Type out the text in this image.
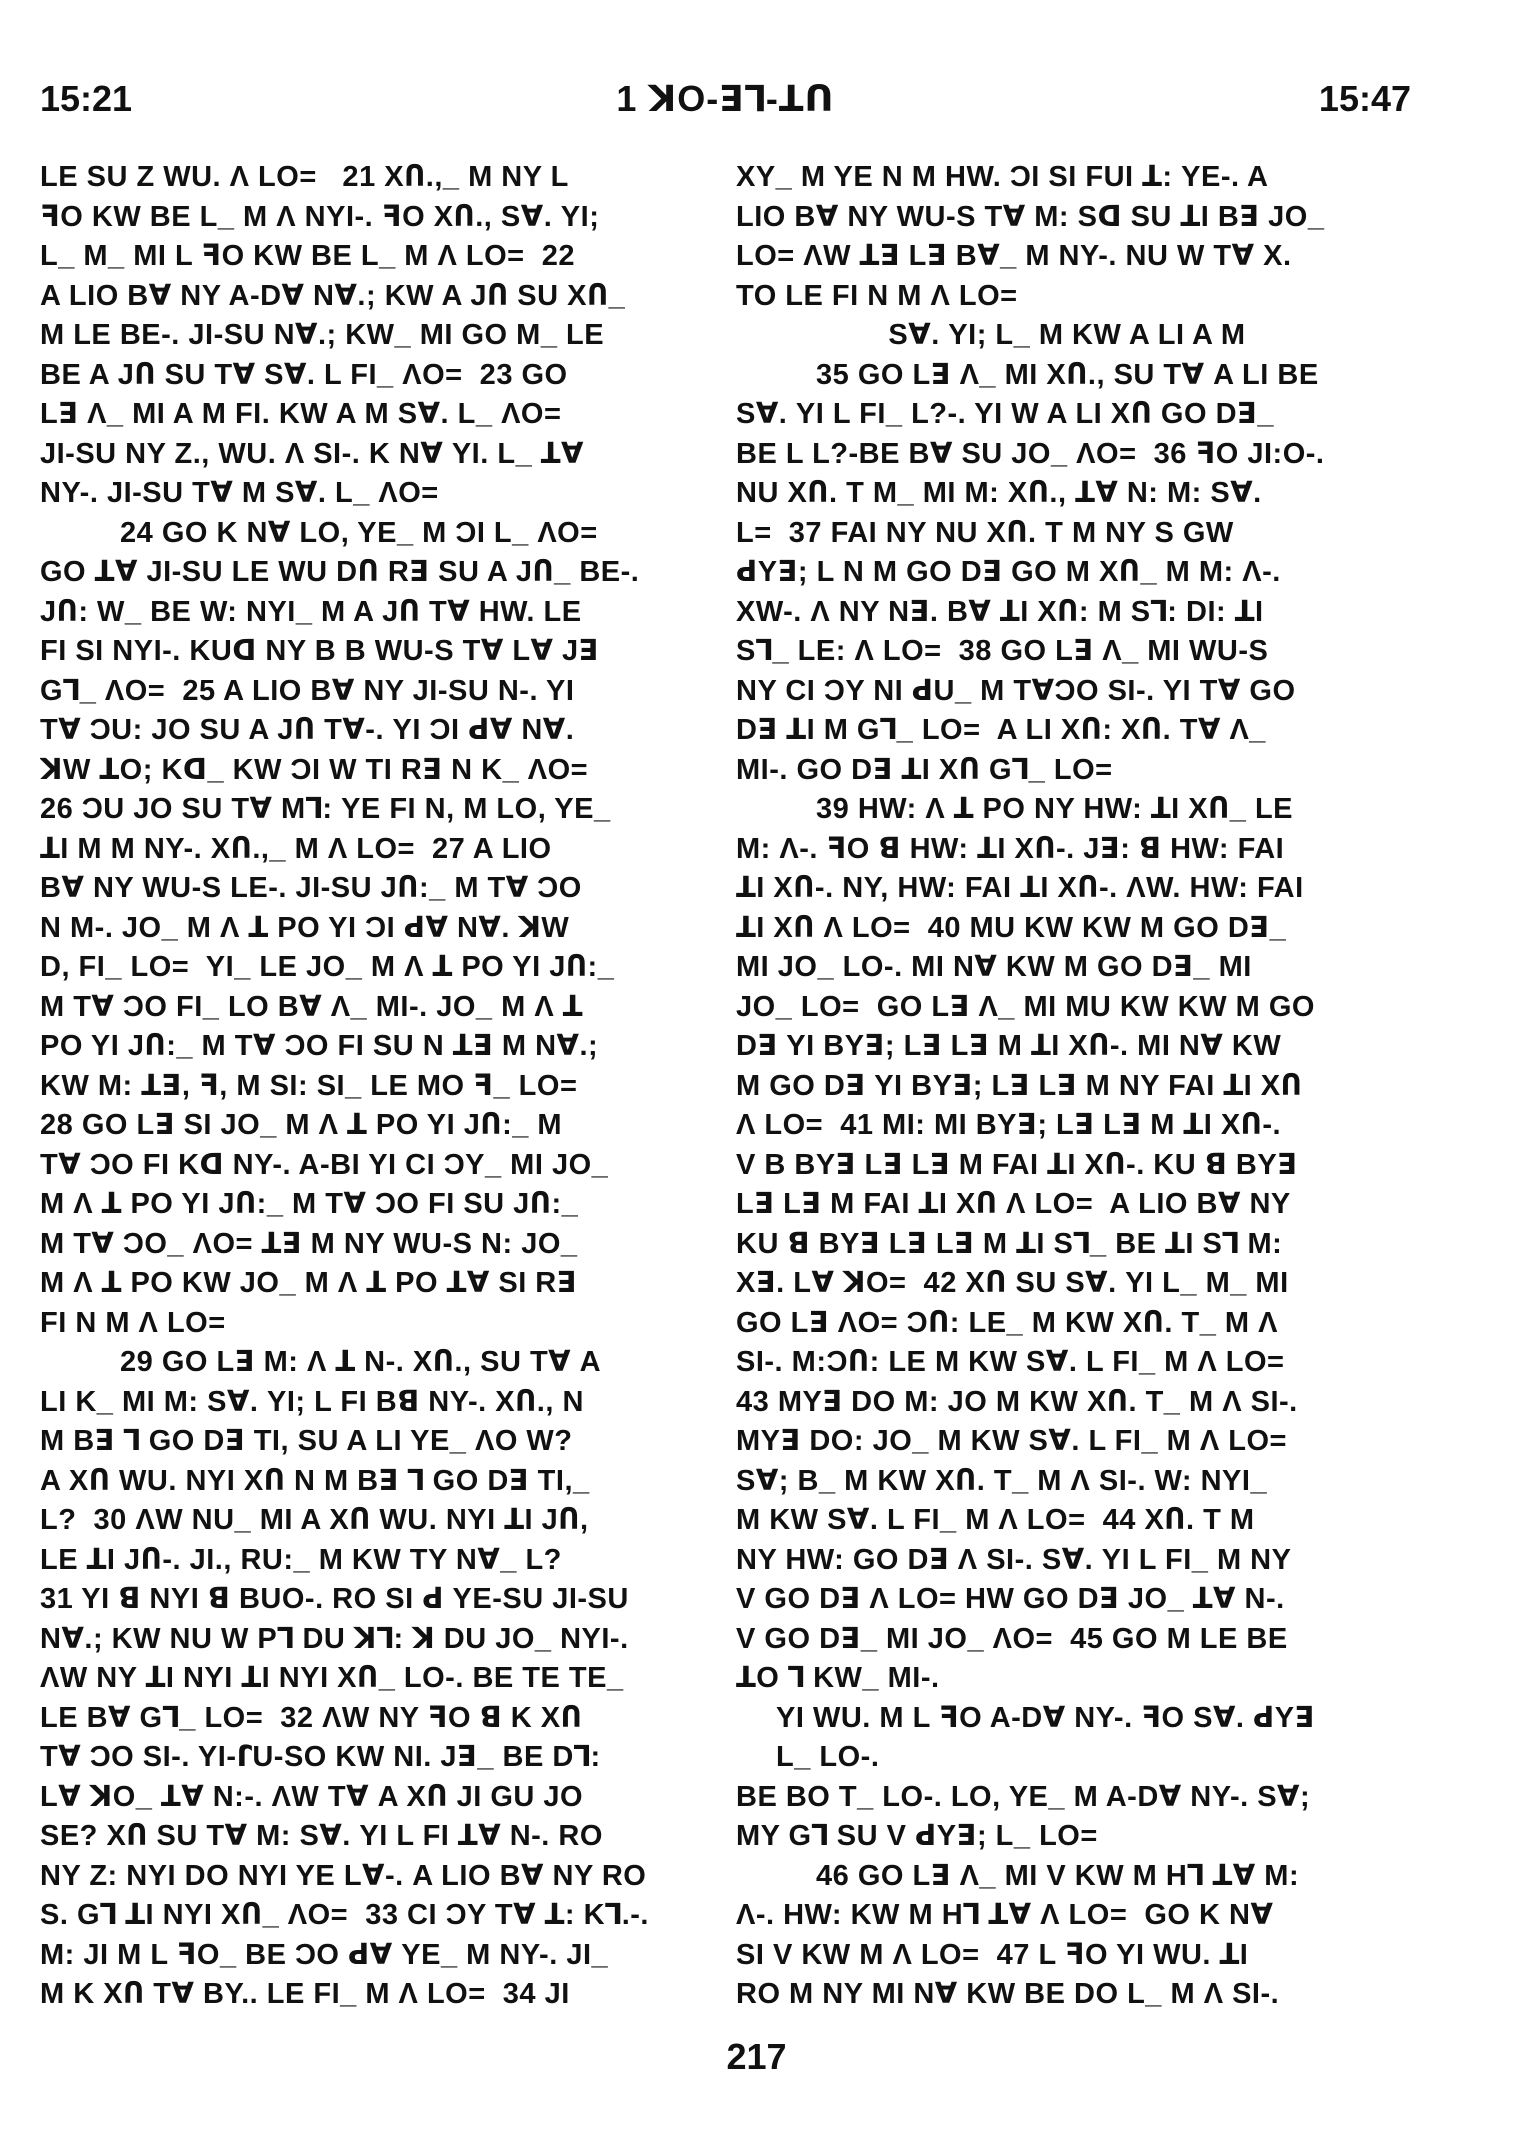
15:21	1 ꓘO-ꓱꓶ-ꓕꓵ	15:47
LE SU Z WU. Λ LO=   21 XՈ.,_ M NY L
ꟻO KW BE L_ M Λ NYI-. ꟻO XՈ., Sꓯ. YI;
L_ M_ MI L ꟻO KW BE L_ M Λ LO=  22
A LIO Bꓯ NY A-Dꓯ Nꓯ.; KW A JՈ SU XՈ_
M LE BE-. JI-SU Nꓯ.; KW_ MI GO M_ LE
BE A JՈ SU Tꓯ Sꓯ. L FI_ ΛO=  23 GO
Lꓱ Λ_ MI A M FI. KW A M Sꓯ. L_ ΛO=
JI-SU NY Z., WU. Λ SI-. K Nꓯ YI. L_ ꓕꓯ
NY-. JI-SU Tꓯ M Sꓯ. L_ ΛO=
24 GO K Nꓯ LO, YE_ M ƆI L_ ΛO=
GO ꓕꓯ JI-SU LE WU DՈ Rꓱ SU A JՈ_ BE-.
JՈ: W_ BE W: NYI_ M A JՈ Tꓯ HW. LE
FI SI NYI-. KUꓷ NY B B WU-S Tꓯ Lꓯ Jꓱ
Gꓶ_ ΛO=  25 A LIO Bꓯ NY JI-SU N-. YI
Tꓯ ƆU: JO SU A JՈ Tꓯ-. YI ƆI ꓒꓯ Nꓯ.
ꓘW ꓕO; Kꓷ_ KW ƆI W TI Rꓱ N K_ ΛO=
26 ƆU JO SU Tꓯ Mꓶ: YE FI N, M LO, YE_
ꓕI M M NY-. XՈ.,_ M Λ LO=  27 A LIO
Bꓯ NY WU-S LE-. JI-SU JՈ:_ M Tꓯ ƆO
N M-. JO_ M Λ ꓕ PO YI ƆI ꓒꓯ Nꓯ. ꓘW
D, FI_ LO=  YI_ LE JO_ M Λ ꓕ PO YI JՈ:_
M Tꓯ ƆO FI_ LO Bꓯ Λ_ MI-. JO_ M Λ ꓕ
PO YI JՈ:_ M Tꓯ ƆO FI SU N ꓕꓱ M Nꓯ.;
KW M: ꓕꓱ, ꟻ, M SI: SI_ LE MO ꟻ_ LO=
28 GO Lꓱ SI JO_ M Λ ꓕ PO YI JՈ:_ M
Tꓯ ƆO FI Kꓷ NY-. A-BI YI CI ƆY_ MI JO_
M Λ ꓕ PO YI JՈ:_ M Tꓯ ƆO FI SU JՈ:_
M Tꓯ ƆO_ ΛO= ꓕꓱ M NY WU-S N: JO_
M Λ ꓕ PO KW JO_ M Λ ꓕ PO ꓕꓯ SI Rꓱ
FI N M Λ LO=
29 GO Lꓱ M: Λ ꓕ N-. XՈ., SU Tꓯ A
LI K_ MI M: Sꓯ. YI; L FI Bꓭ NY-. XՈ., N
M Bꓱ ꓶ GO Dꓱ TI, SU A LI YE_ ΛO W?
A XՈ WU. NYI XՈ N M Bꓱ ꓶ GO Dꓱ TI,_
L?  30 ΛW NU_ MI A XՈ WU. NYI ꓕI JՈ,
LE ꓕI JՈ-. JI., RU:_ M KW TY Nꓯ_ L?
31 YI ꓭ NYI ꓭ BUO-. RO SI ꓒ YE-SU JI-SU
Nꓯ.; KW NU W Pꓶ DU ꓘꓶ: ꓘ DU JO_ NYI-.
ΛW NY ꓕI NYI ꓕI NYI XՈ_ LO-. BE TE TE_
LE Bꓯ Gꓶ_ LO=  32 ΛW NY ꟻO ꓭ K XՈ
Tꓯ ƆO SI-. YI-ꓩU-SO KW NI. Jꓱ_ BE Dꓶ:
Lꓯ ꓘO_ ꓕꓯ N:-. ΛW Tꓯ A XՈ JI GU JO
SE? XՈ SU Tꓯ M: Sꓯ. YI L FI ꓕꓯ N-. RO
NY Z: NYI DO NYI YE Lꓯ-. A LIO Bꓯ NY RO
S. Gꓶ ꓕI NYI XՈ_ ΛO=  33 CI ƆY Tꓯ ꓕ: Kꓶ.-.
M: JI M L ꟻO_ BE ƆO ꓒꓯ YE_ M NY-. JI_
M K XՈ Tꓯ BY.. LE FI_ M Λ LO=  34 JI
XY_ M YE N M HW. ƆI SI FUI ꓕ: YE-. A
LIO Bꓯ NY WU-S Tꓯ M: Sꓷ SU ꓕI Bꓱ JO_
LO= ΛW ꓕꓱ Lꓱ Bꓯ_ M NY-. NU W Tꓯ X.
TO LE FI N M Λ LO=
Sꓯ. YI; L_ M KW A LI A M
35 GO Lꓱ Λ_ MI XՈ., SU Tꓯ A LI BE
Sꓯ. YI L FI_ L?-. YI W A LI XՈ GO Dꓱ_
BE L L?-BE Bꓯ SU JO_ ΛO=  36 ꟻO JI:O-.
NU XՈ. T M_ MI M: XՈ., ꓕꓯ N: M: Sꓯ.
L=  37 FAI NY NU XՈ. T M NY S GW
ꓒYꓱ; L N M GO Dꓱ GO M XՈ_ M M: Λ-.
XW-. Λ NY Nꓱ. Bꓯ ꓕI XՈ: M Sꓶ: DI: ꓕI
Sꓶ_ LE: Λ LO=  38 GO Lꓱ Λ_ MI WU-S
NY CI ƆY NI ꓒU_ M TꓯƆO SI-. YI Tꓯ GO
Dꓱ ꓕI M Gꓶ_ LO=  A LI XՈ: XՈ. Tꓯ Λ_
MI-. GO Dꓱ ꓕI XՈ Gꓶ_ LO=
39 HW: Λ ꓕ PO NY HW: ꓕI XՈ_ LE
M: Λ-. ꟻO ꓭ HW: ꓕI XՈ-. Jꓱ: ꓭ HW: FAI
ꓕI XՈ-. NY, HW: FAI ꓕI XՈ-. ΛW. HW: FAI
ꓕI XՈ Λ LO=  40 MU KW KW M GO Dꓱ_
MI JO_ LO-. MI Nꓯ KW M GO Dꓱ_ MI
JO_ LO=  GO Lꓱ Λ_ MI MU KW KW M GO
Dꓱ YI BYꓱ; Lꓱ Lꓱ M ꓕI XՈ-. MI Nꓯ KW
M GO Dꓱ YI BYꓱ; Lꓱ Lꓱ M NY FAI ꓕI XՈ
Λ LO=  41 MI: MI BYꓱ; Lꓱ Lꓱ M ꓕI XՈ-.
V B BYꓱ Lꓱ Lꓱ M FAI ꓕI XՈ-. KU ꓭ BYꓱ
Lꓱ Lꓱ M FAI ꓕI XՈ Λ LO=  A LIO Bꓯ NY
KU ꓭ BYꓱ Lꓱ Lꓱ M ꓕI Sꓶ_ BE ꓕI Sꓶ M:
Xꓱ. Lꓯ ꓘO=  42 XՈ SU Sꓯ. YI L_ M_ MI
GO Lꓱ ΛO= ƆՈ: LE_ M KW XՈ. T_ M Λ
SI-. M:ƆՈ: LE M KW Sꓯ. L FI_ M Λ LO=
43 MYꓱ DO M: JO M KW XՈ. T_ M Λ SI-.
MYꓱ DO: JO_ M KW Sꓯ. L FI_ M Λ LO=
Sꓯ; B_ M KW XՈ. T_ M Λ SI-. W: NYI_
M KW Sꓯ. L FI_ M Λ LO=  44 XՈ. T M
NY HW: GO Dꓱ Λ SI-. Sꓯ. YI L FI_ M NY
V GO Dꓱ Λ LO= HW GO Dꓱ JO_ ꓕꓯ N-.
V GO Dꓱ_ MI JO_ ΛO=  45 GO M LE BE
ꓕO ꓶ KW_ MI-.
YI WU. M L ꟻO A-Dꓯ NY-. ꟻO Sꓯ. ꓒYꓱ
L_ LO-.
BE BO T_ LO-. LO, YE_ M A-Dꓯ NY-. Sꓯ;
MY Gꓶ SU V ꓒYꓱ; L_ LO=
46 GO Lꓱ Λ_ MI V KW M Hꓶ ꓕꓯ M:
Λ-. HW: KW M Hꓶ ꓕꓯ Λ LO=  GO K Nꓯ
SI V KW M Λ LO=  47 L ꟻO YI WU. ꓕI
RO M NY MI Nꓯ KW BE DO L_ M Λ SI-.
217
